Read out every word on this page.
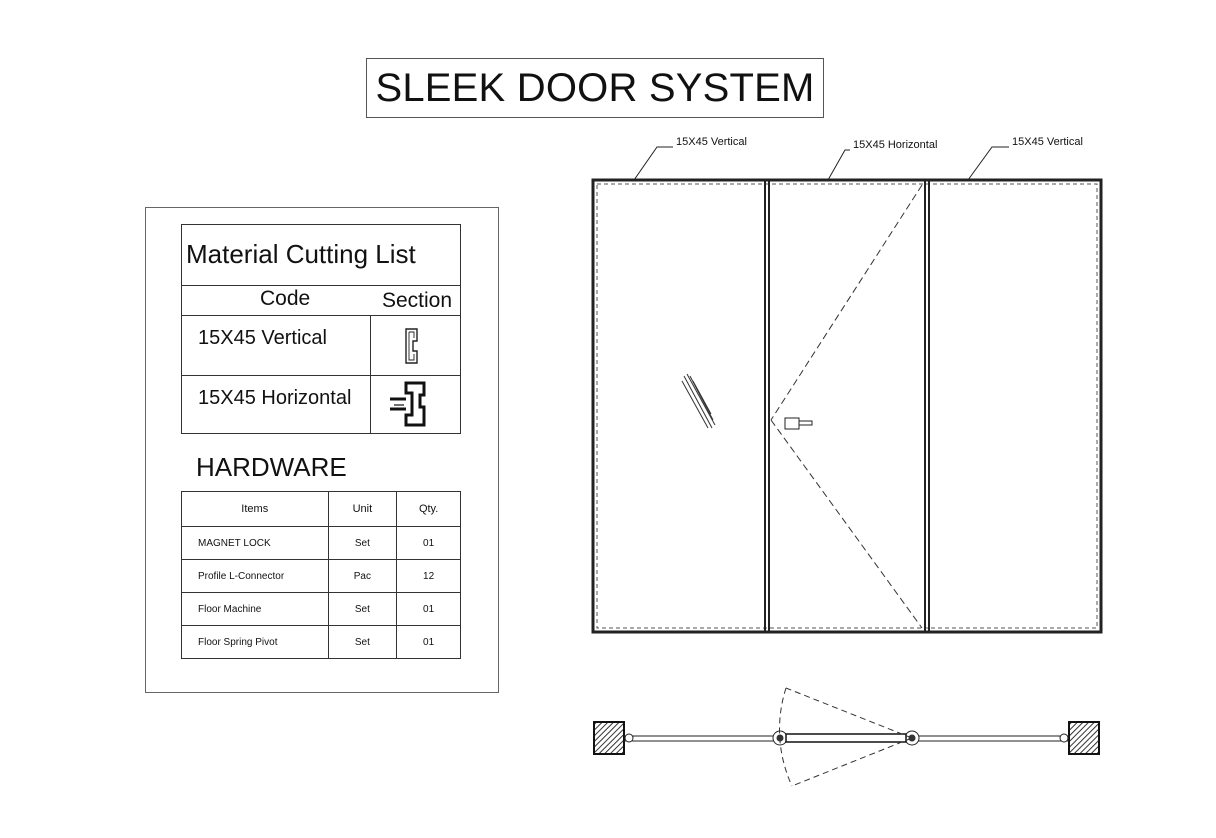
SLEEK DOOR SYSTEM
Material Cutting List
Code	Section
15X45 Vertical
15X45 Horizontal
HARDWARE
Items	Unit	Qty.
MAGNET LOCK	Set	01
Profile L-Connector	Pac	12
Floor Machine	Set	01
Floor Spring Pivot	Set	01
15X45 Vertical	15X45 Horizontal	15X45 Vertical
